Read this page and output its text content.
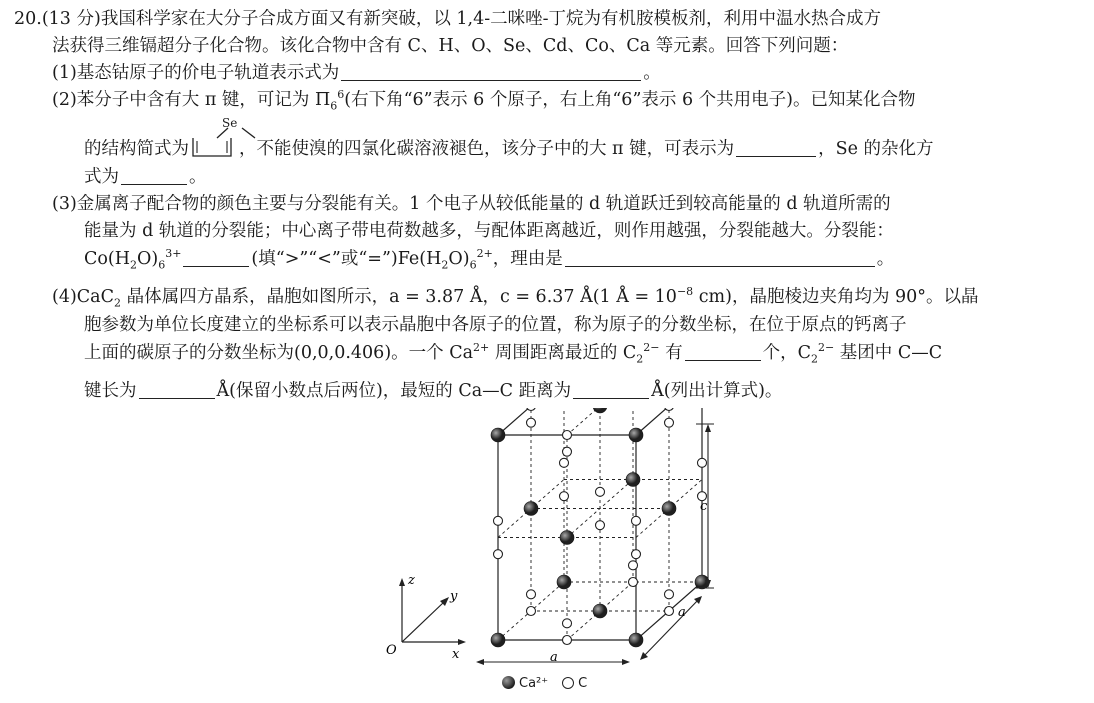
20.(13 分)我国科学家在大分子合成方面又有新突破，以 1,4-二咪唑-丁烷为有机胺模板剂，利用中温水热合成方
法获得三维镉超分子化合物。该化合物中含有 C、H、O、Se、Cd、Co、Ca 等元素。回答下列问题：
(1)基态钴原子的价电子轨道表示式为	。
(2)苯分子中含有大 π 键，可记为 $\Pi_6^6$(右下角“6”表示 6 个原子，右上角“6”表示 6 个共用电子)。已知某化合物
的结构简式为	，不能使溴的四氯化碳溶液褪色，该分子中的大 π 键，可表示为	，Se 的杂化方
Se
式为	。
(3)金属离子配合物的颜色主要与分裂能有关。1 个电子从较低能量的 d 轨道跃迁到较高能量的 d 轨道所需的
能量为 d 轨道的分裂能；中心离子带电荷数越多，与配体距离越近，则作用越强，分裂能越大。分裂能：
$Co(H_2O)_6^{3+}$	(填“>”“<”或“$=”)Fe(H_2O)_6^{2+}$，理由是	。
(4)CaC$_2$ 晶体属四方晶系，晶胞如图所示，a = 3.87 Å，c = 6.37 Å(1 Å = $10^{-8}$ cm)，晶胞棱边夹角均为 90°。以晶
胞参数为单位长度建立的坐标系可以表示晶胞中各原子的位置，称为原子的分数坐标，在位于原点的钙离子
上面的碳原子的分数坐标为(0,0,0.406)。一个 $Ca^{2+}$ 周围距离最近的 $C_2^{2-}$ 有	个，$C_2^{2-}$ 基团中 C—C
键长为	Å(保留小数点后两位)，最短的 Ca—C 距离为	Å(列出计算式)。
z
y
x
O	a
a
c
Ca²⁺ C
